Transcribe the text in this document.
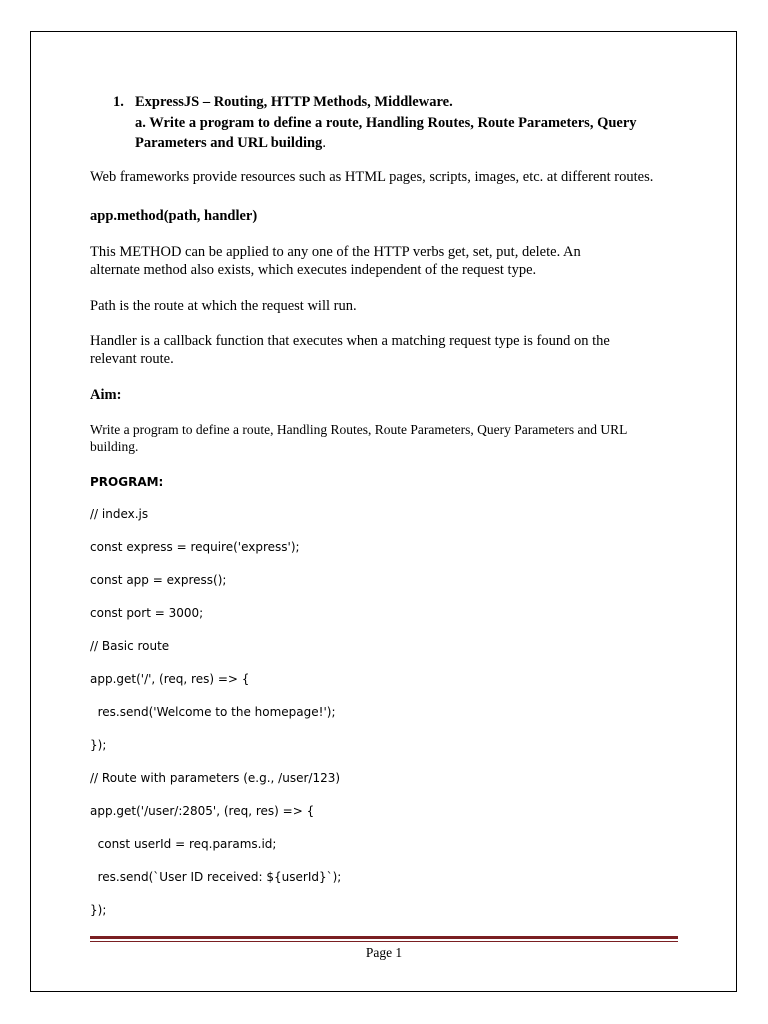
1. ExpressJS – Routing, HTTP Methods, Middleware.
a. Write a program to define a route, Handling Routes, Route Parameters, Query Parameters and URL building.

Web frameworks provide resources such as HTML pages, scripts, images, etc. at different routes.

app.method(path, handler)

This METHOD can be applied to any one of the HTTP verbs get, set, put, delete. An
alternate method also exists, which executes independent of the request type.

Path is the route at which the request will run.

Handler is a callback function that executes when a matching request type is found on the
relevant route.

Aim:

Write a program to define a route, Handling Routes, Route Parameters, Query Parameters and URL
building.

PROGRAM:

// index.js

const express = require('express');

const app = express();

const port = 3000;

// Basic route

app.get('/', (req, res) => {

res.send('Welcome to the homepage!');

});

// Route with parameters (e.g., /user/123)

app.get('/user/:2805', (req, res) => {

const userId = req.params.id;

res.send(`User ID received: ${userId}`);

});

Page 1
